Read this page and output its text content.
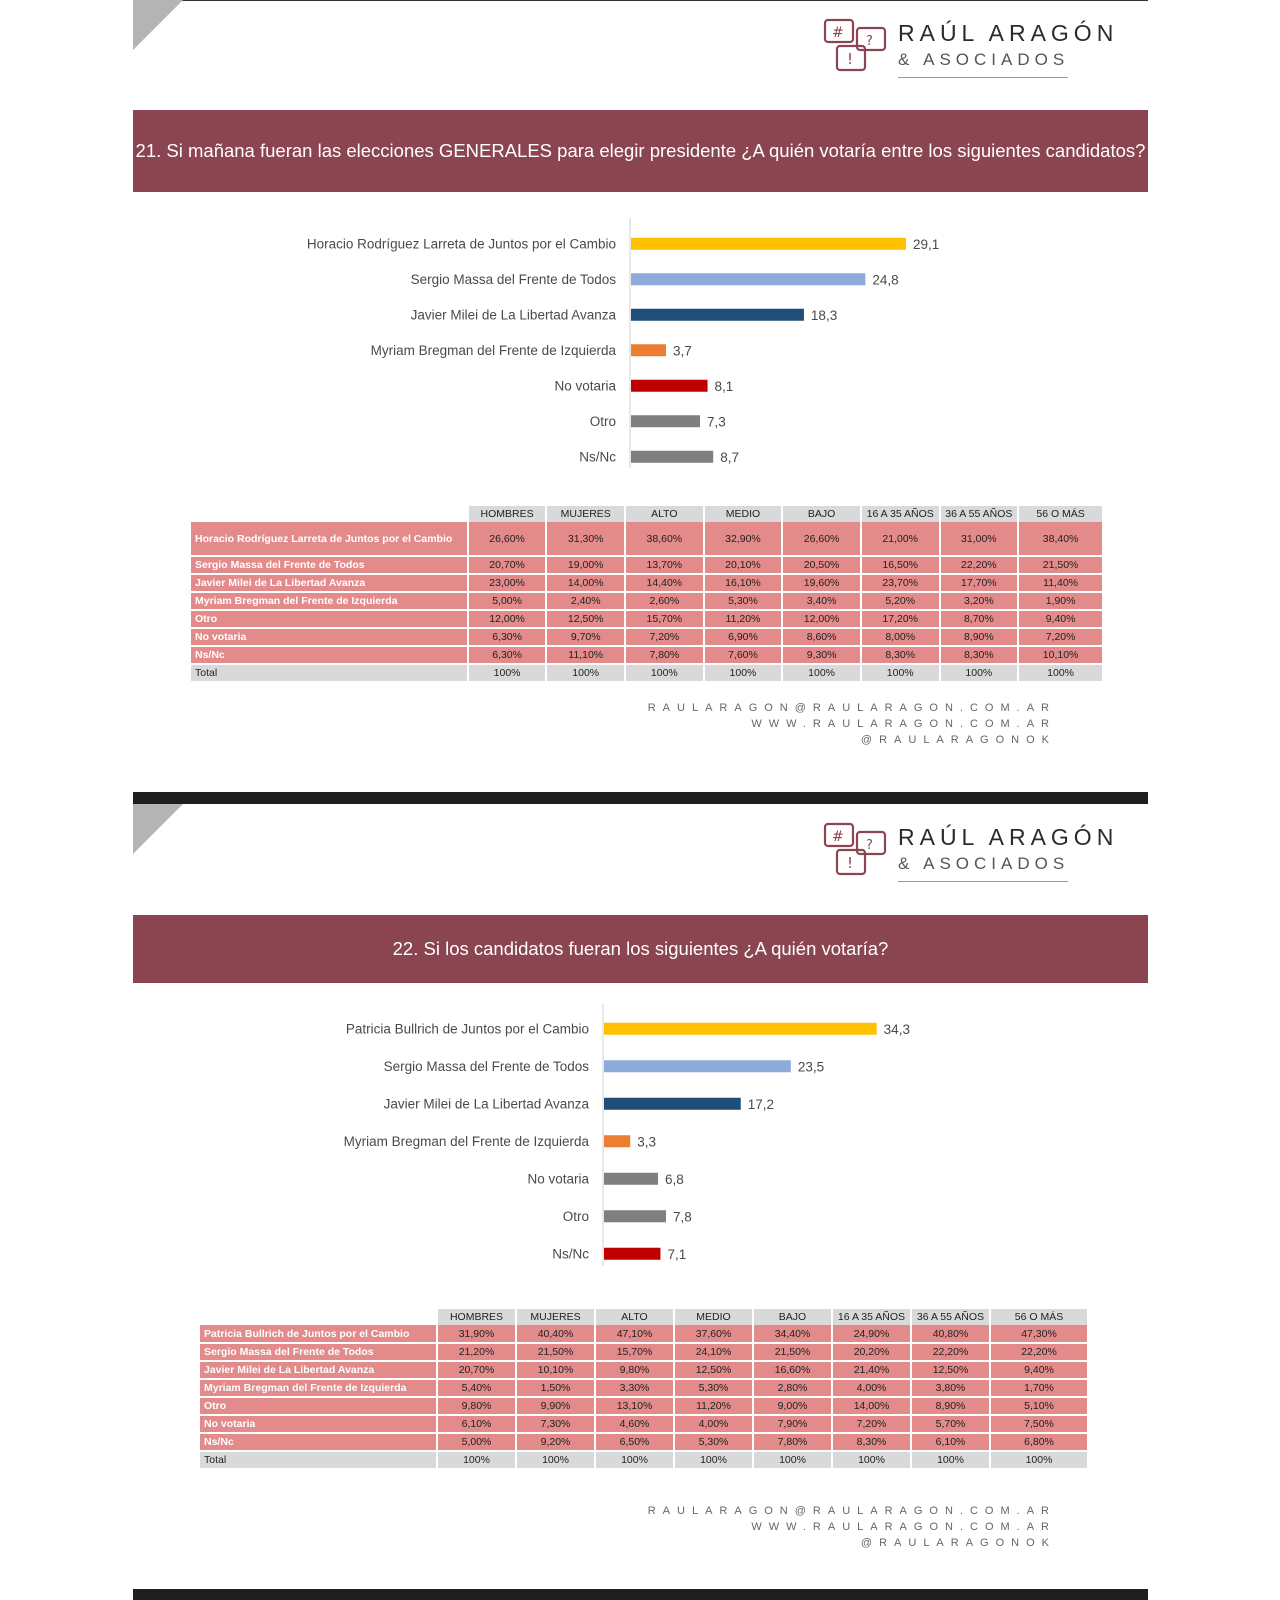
#
?
!
RAÚL ARAGÓN
& ASOCIADOS
21. Si mañana fueran las elecciones GENERALES para elegir presidente ¿A quién votaría entre los siguientes candidatos?
Horacio Rodríguez Larreta de Juntos por el Cambio	29,1
Sergio Massa del Frente de Todos	24,8
Javier Milei de La Libertad Avanza	18,3
Myriam Bregman del Frente de Izquierda	3,7
No votaria	8,1
Otro	7,3
Ns/Nc	8,7
	HOMBRES	MUJERES	ALTO	MEDIO	BAJO	16 A 35 AÑOS	36 A 55 AÑOS	56 O MÁS
Horacio Rodríguez Larreta de Juntos por el Cambio	26,60%	31,30%	38,60%	32,90%	26,60%	21,00%	31,00%	38,40%
Sergio Massa del Frente de Todos	20,70%	19,00%	13,70%	20,10%	20,50%	16,50%	22,20%	21,50%
Javier Milei de La Libertad Avanza	23,00%	14,00%	14,40%	16,10%	19,60%	23,70%	17,70%	11,40%
Myriam Bregman del Frente de Izquierda	5,00%	2,40%	2,60%	5,30%	3,40%	5,20%	3,20%	1,90%
Otro	12,00%	12,50%	15,70%	11,20%	12,00%	17,20%	8,70%	9,40%
No votaria	6,30%	9,70%	7,20%	6,90%	8,60%	8,00%	8,90%	7,20%
Ns/Nc	6,30%	11,10%	7,80%	7,60%	9,30%	8,30%	8,30%	10,10%
Total	100%	100%	100%	100%	100%	100%	100%	100%
RAULARAGON@RAULARAGON.COM.AR
WWW.RAULARAGON.COM.AR
@RAULARAGONOK
#
?
!
RAÚL ARAGÓN
& ASOCIADOS
22. Si los candidatos fueran los siguientes ¿A quién votaría?
Patricia Bullrich de Juntos por el Cambio	34,3
Sergio Massa del Frente de Todos	23,5
Javier Milei de La Libertad Avanza	17,2
Myriam Bregman del Frente de Izquierda	3,3
No votaria	6,8
Otro	7,8
Ns/Nc	7,1
	HOMBRES	MUJERES	ALTO	MEDIO	BAJO	16 A 35 AÑOS	36 A 55 AÑOS	56 O MÁS
Patricia Bullrich de Juntos por el Cambio	31,90%	40,40%	47,10%	37,60%	34,40%	24,90%	40,80%	47,30%
Sergio Massa del Frente de Todos	21,20%	21,50%	15,70%	24,10%	21,50%	20,20%	22,20%	22,20%
Javier Milei de La Libertad Avanza	20,70%	10,10%	9,80%	12,50%	16,60%	21,40%	12,50%	9,40%
Myriam Bregman del Frente de Izquierda	5,40%	1,50%	3,30%	5,30%	2,80%	4,00%	3,80%	1,70%
Otro	9,80%	9,90%	13,10%	11,20%	9,00%	14,00%	8,90%	5,10%
No votaria	6,10%	7,30%	4,60%	4,00%	7,90%	7,20%	5,70%	7,50%
Ns/Nc	5,00%	9,20%	6,50%	5,30%	7,80%	8,30%	6,10%	6,80%
Total	100%	100%	100%	100%	100%	100%	100%	100%
RAULARAGON@RAULARAGON.COM.AR
WWW.RAULARAGON.COM.AR
@RAULARAGONOK
